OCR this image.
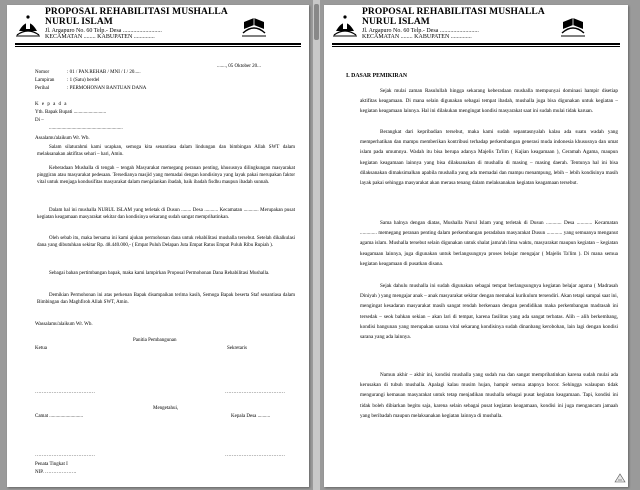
PROPOSAL REHABILITASI MUSHALLA
NURUL ISLAM
Jl. Argapuro No. 60 Telp.- Desa ..........................
KECAMATAN ........ KABUPATEN ..............
......., 05 Oktober 20...
Nomor	: 01 / PAN.REHAB / MNI / I / 20.....
Lampiran	: 1 (Satu) berdel
Perihal	: PERMOHONAN BANTUAN DANA
K e p a d a
Yth. Bapak Bupati ..........................
Di –
...........................................................
Assalamu'alaikum Wr. Wb.
Salam silaturahmi kami ucapkan, semoga kita senantiasa dalam lindungan dan bimbingan Allah SWT dalam melaksanakan aktifitas sehari – hari, Amin.
Keberadaan Mushalla di tengah – tengah Masyarakat memegang peranan penting, khususnya dilingkungan masyarakat pinggiran atau masyarakat pedesaan. Tersedianya masjid yang memadai dengan kondisinya yang layak pakai merupakan faktor vital untuk menjaga kondusifitas masyarakat dalam menjalankan ibadah, baik ibadah fisdhu maupun ibadah sunnah.
Dalam hal ini mushalla NURUL ISLAM yang terletak di Dusun ........ Desa ........... Kecamatan ............ Merupakan pusat kegiatan keagamaan masyarakat sekitar dan kondisinya sekarang sudah sangat memprihatinkan.
Oleh sebab itu, maka bersama ini kami ajukan permohonan dana untuk rehabilitasi mushalla tersebut. Setelah dikalkulasi dana yang dibutuhkan sekitar Rp. 48.440.000,- ( Empat Puluh Delapan Juta Empat Ratus Empat Puluh Ribu Rupiah ).
Sebagai bahan pertimbangan bapak, maka kami lampirkan Proposal Permohonan Dana Rehabilitasi Mushalla.
Demikian Permohonan ini atas perkenan Bapak disampaikan terima kasih, Semoga Bapak beserta Staf senantiasa dalam Bimbingan dan Maghfiroh Allah SWT, Amin.
Wassalamu'alaikum Wr. Wb.
Panitia Pembangunan
Ketua	Sekretaris
………………………………	………………………………
Mengetahui,
Camat ...........................	Kepala Desa ..........
………………………………	………………………………
Penata Tingkat I
NIP. ……………….
PROPOSAL REHABILITASI MUSHALLA
NURUL ISLAM
Jl. Argapuro No. 60 Telp.- Desa ..........................
KECAMATAN ........ KABUPATEN ..............
I. DASAR PEMIKIRAN
Sejak mulai zaman Rasulullah hingga sekarang keberadaan mushalla mempunyai dominasi hampir disetiap aktifitas keagamaan. Di mana selain digunakan sebagai tempat ibadah, mushalla juga bisa digunakan untuk kegiatan – kegiatan keagamaan lainnya. Hal ini dilakukan mengingat kondisi masyarakat saat ini sudah mulai tidak karuan.
Berangkat dari kepribadian tersebut, maka kami sudah sepantasnyalah kalau ada suatu wadah yang memperhatikan dan mampu memberikan kontribusi terhadap perkembangan generasi muda indonesia khususnya dan umat islam pada umumnya. Wadah itu bisa berupa adanya Majelis Ta'lim ( Kajian keagamaan ), Ceramah Agama, maupun kegiatan keagamaan lainnya yang bisa dilaksanakan di mushalla di masing – masing daerah. Tentunya hal ini bisa dilaksanakan dimaksimalkan apabila mushalla yang ada memadai dan mampu menampung, lebih – lebih kondisinya masih layak pakai sehingga masyarakat akan merasa tenang dalam melaksanakan kegiatan keagamaan tersebut.
Sama halnya dengan diatas, Mushalla Nurul Islam yang terletak di Dusun ............ Desa ............ Kecamatan ............. memegang peranan penting dalam perkembangan peradaban masyarakat Dusun ............ yang semuanya menganut agama islam. Mushalla tersebut selain digunakan untuk shalat jama'ah lima waktu, masyarakat maupun kegiatan – kegiatan keagamaan lainnya, juga digunakan untuk berlangsungnya proses belajar mengajar ( Majelis Ta'lim ). Di mana semua kegiatan keagamaan di pusatkan disana.
Sejak dahulu mushalla ini sudah digunakan sebagai tempat berlangsungnya kegiatan belajar agama ( Madrasah Diniyah ) yang mengajar anak – anak masyarakat sekitar dengan memakai kurikulum tersendiri. Akan tetapi sampai saat ini, mengingat kesadaran masyarakat masih sangat rendah berkenaan dengan pendidikan maka perkembangan madrasah ini tersedak – seok bahkan sekian – akan lari di tempat, karena fasilitas yang ada sangat terbatas. Alih – alih berkembang, kondisi bangunan yang merupakan sarana vital sekarang kondisinya sudah dinanbang kerobohan, lain lagi dengan kondisi sarana yang ada lainnya.
Namun akhir – akhir ini, kondisi mushalla yang sudah rua dan sangat memprihatinkan karena sudah mulai ada kerusakan di tubuh mushalla. Apalagi kalau musim hujan, hampir semua atapnya bocor. Sehingga walaupun tidak mengurangi kemauan masyarakat untuk tetap menjadikan mushalla sebagai pusat kegiatan keagamaan. Tapi, kondisi ini tidak boleh dibiarkan begitu saja, karena selain sebagai pusat kegiatan keagamaan, kondisi ini juga mengancam jamaah yang beribadah maupun melaksanakan kegiatan lainnya di mushalla.
